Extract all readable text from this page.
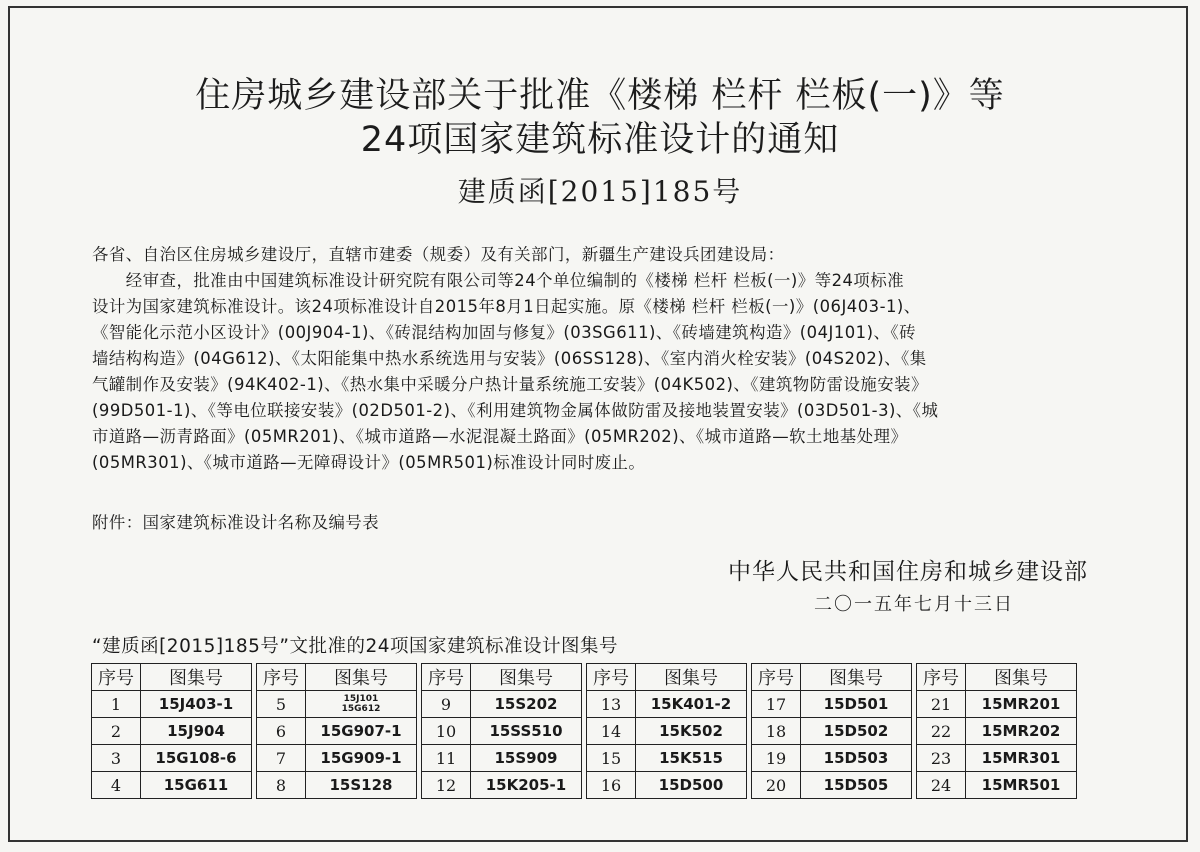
住房城乡建设部关于批准《楼梯 栏杆 栏板(一)》等
24项国家建筑标准设计的通知
建质函[2015]185号
各省、自治区住房城乡建设厅，直辖市建委（规委）及有关部门，新疆生产建设兵团建设局：
　　经审查，批准由中国建筑标准设计研究院有限公司等24个单位编制的《楼梯 栏杆 栏板(一)》等24项标准
设计为国家建筑标准设计。该24项标准设计自2015年8月1日起实施。原《楼梯 栏杆 栏板(一)》(06J403-1)、
《智能化示范小区设计》(00J904-1)、《砖混结构加固与修复》(03SG611)、《砖墙建筑构造》(04J101)、《砖
墙结构构造》(04G612)、《太阳能集中热水系统选用与安装》(06SS128)、《室内消火栓安装》(04S202)、《集
气罐制作及安装》(94K402-1)、《热水集中采暖分户热计量系统施工安装》(04K502)、《建筑物防雷设施安装》
(99D501-1)、《等电位联接安装》(02D501-2)、《利用建筑物金属体做防雷及接地装置安装》(03D501-3)、《城
市道路—沥青路面》(05MR201)、《城市道路—水泥混凝土路面》(05MR202)、《城市道路—软土地基处理》
(05MR301)、《城市道路—无障碍设计》(05MR501)标准设计同时废止。
附件：国家建筑标准设计名称及编号表
中华人民共和国住房和城乡建设部
二〇一五年七月十三日
“建质函[2015]185号”文批准的24项国家建筑标准设计图集号
序号	图集号		序号	图集号		序号	图集号		序号	图集号		序号	图集号		序号	图集号
1	15J403-1		5	15J101
15G612		9	15S202		13	15K401-2		17	15D501		21	15MR201
2	15J904		6	15G907-1		10	15SS510		14	15K502		18	15D502		22	15MR202
3	15G108-6		7	15G909-1		11	15S909		15	15K515		19	15D503		23	15MR301
4	15G611		8	15S128		12	15K205-1		16	15D500		20	15D505		24	15MR501
